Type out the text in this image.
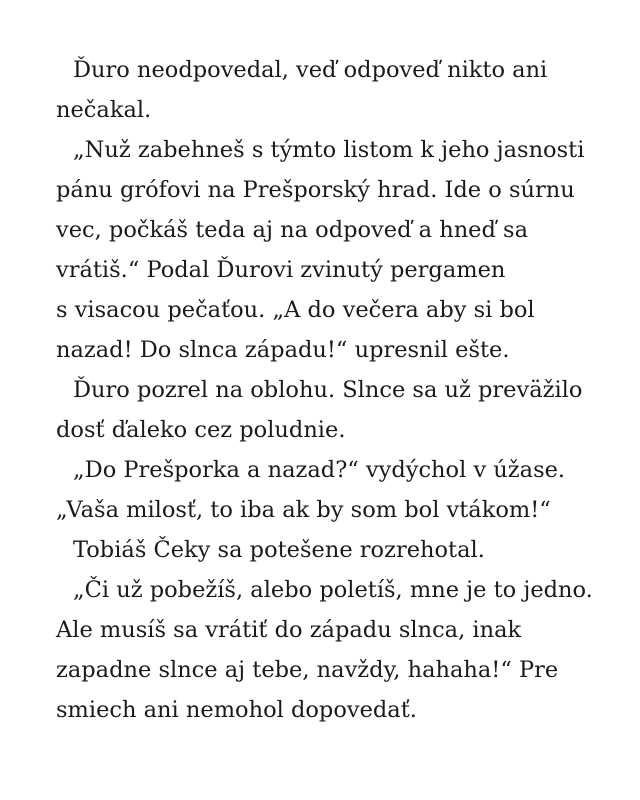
Ďuro neodpovedal, veď odpoveď nikto ani
nečakal.
„Nuž zabehneš s týmto listom k jeho jasnosti
pánu grófovi na Prešporský hrad. Ide o súrnu
vec, počkáš teda aj na odpoveď a hneď sa
vrátiš.“ Podal Ďurovi zvinutý pergamen
s visacou pečaťou. „A do večera aby si bol
nazad! Do slnca západu!“ upresnil ešte.
Ďuro pozrel na oblohu. Slnce sa už preväžilo
dosť ďaleko cez poludnie.
„Do Prešporka a nazad?“ vydýchol v úžase.
„Vaša milosť, to iba ak by som bol vtákom!“
Tobiáš Čeky sa potešene rozrehotal.
„Či už pobežíš, alebo poletíš, mne je to jedno.
Ale musíš sa vrátiť do západu slnca, inak
zapadne slnce aj tebe, navždy, hahaha!“ Pre
smiech ani nemohol dopovedať.
